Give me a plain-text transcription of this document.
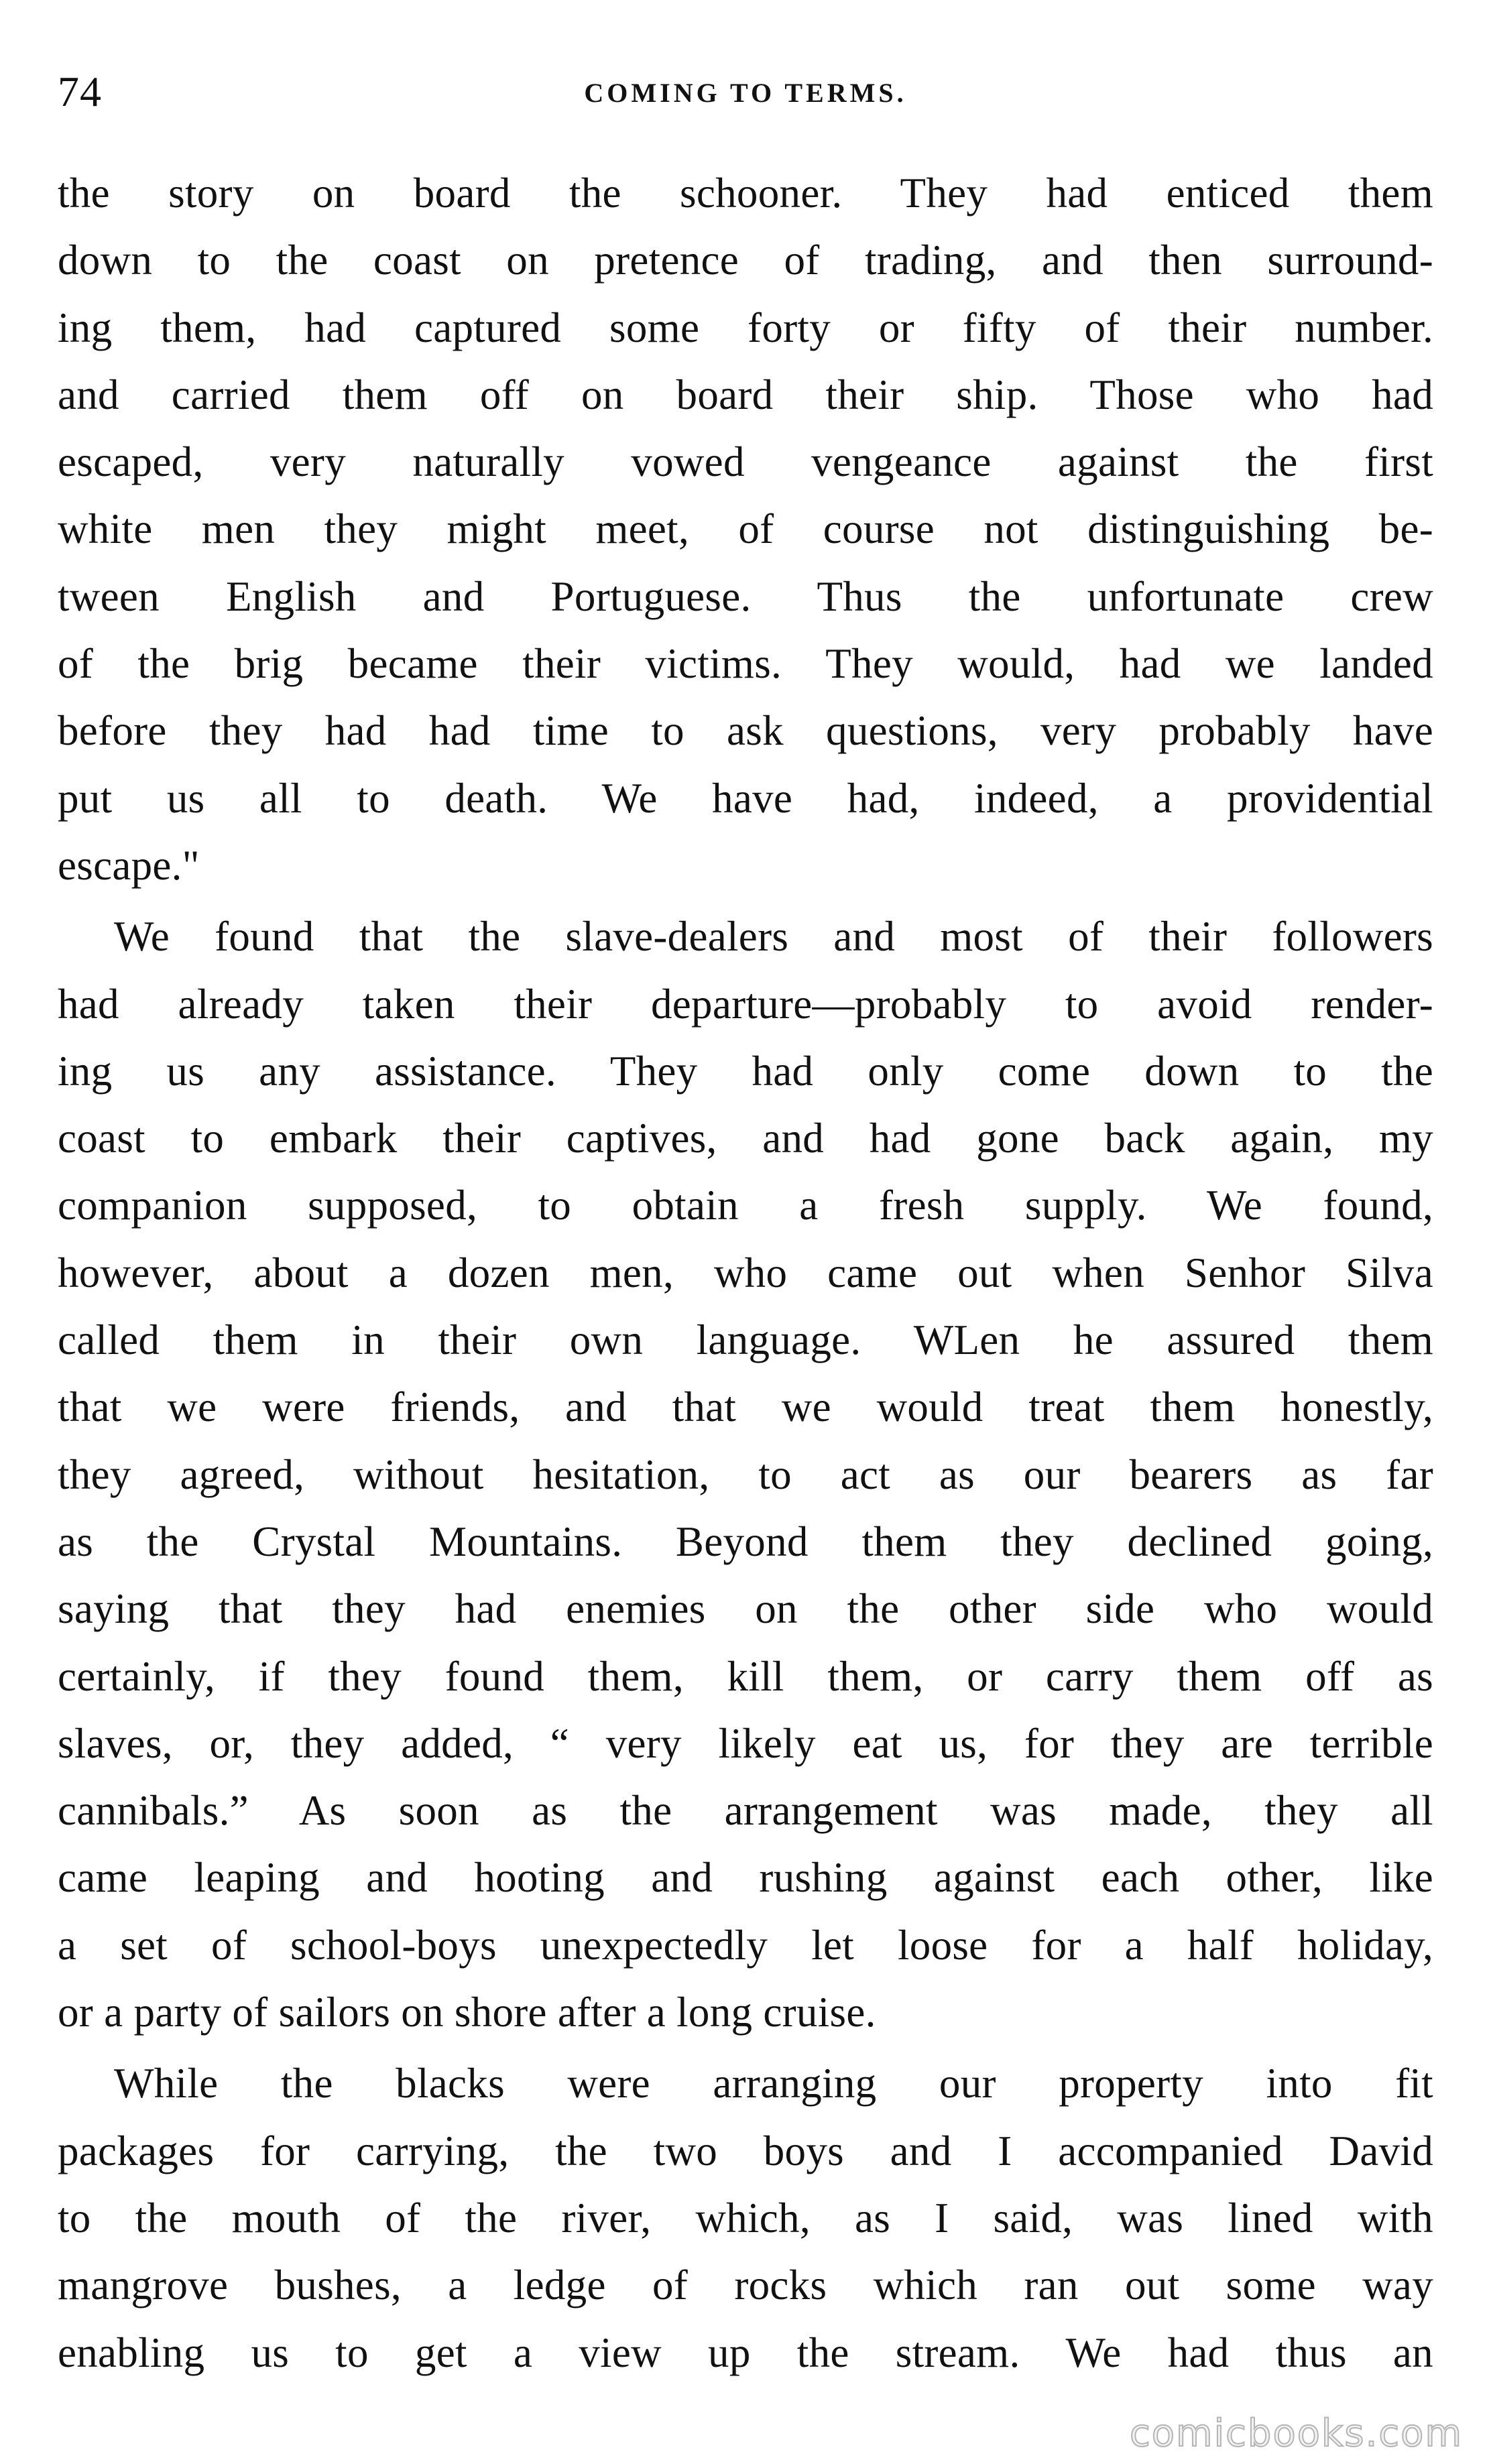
74	COMING TO TERMS.
the story on board the schooner. They had enticed them
down to the coast on pretence of trading, and then surround-
ing them, had captured some forty or fifty of their number.
and carried them off on board their ship. Those who had
escaped, very naturally vowed vengeance against the first
white men they might meet, of course not distinguishing be-
tween English and Portuguese. Thus the unfortunate crew
of the brig became their victims. They would, had we landed
before they had had time to ask questions, very probably have
put us all to death. We have had, indeed, a providential
escape."
We found that the slave-dealers and most of their followers
had already taken their departure—probably to avoid render-
ing us any assistance. They had only come down to the
coast to embark their captives, and had gone back again, my
companion supposed, to obtain a fresh supply. We found,
however, about a dozen men, who came out when Senhor Silva
called them in their own language. WLen he assured them
that we were friends, and that we would treat them honestly,
they agreed, without hesitation, to act as our bearers as far
as the Crystal Mountains. Beyond them they declined going,
saying that they had enemies on the other side who would
certainly, if they found them, kill them, or carry them off as
slaves, or, they added, “ very likely eat us, for they are terrible
cannibals.” As soon as the arrangement was made, they all
came leaping and hooting and rushing against each other, like
a set of school-boys unexpectedly let loose for a half holiday,
or a party of sailors on shore after a long cruise.
While the blacks were arranging our property into fit
packages for carrying, the two boys and I accompanied David
to the mouth of the river, which, as I said, was lined with
mangrove bushes, a ledge of rocks which ran out some way
enabling us to get a view up the stream. We had thus an
comicbooks.com
